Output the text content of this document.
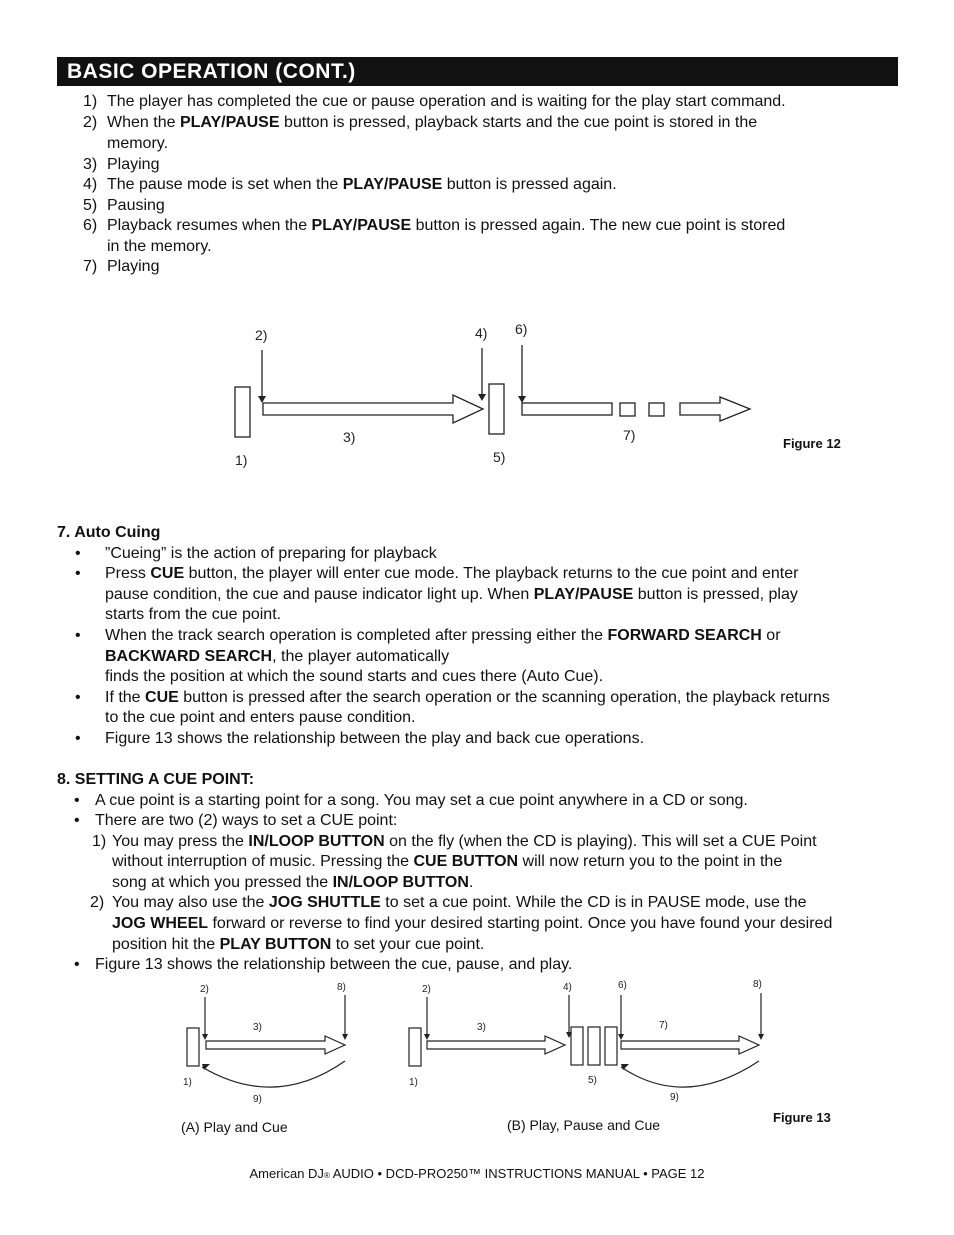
BASIC OPERATION (CONT.)
1) The player has completed the cue or pause operation and is waiting for the play start command.
2) When the PLAY/PAUSE button is pressed, playback starts and the cue point is stored in the
memory.
3) Playing
4) The pause mode is set when the PLAY/PAUSE button is pressed again.
5) Pausing
6) Playback resumes when the PLAY/PAUSE button is pressed again. The new cue point is stored
in the memory.
7) Playing
2)	4) 6)
3)	7)
1)	5)
Figure 12
7. Auto Cuing
• ”Cueing” is the action of preparing for playback
• Press CUE button, the player will enter cue mode. The playback returns to the cue point and enter
pause condition, the cue and pause indicator light up. When PLAY/PAUSE button is pressed, play
starts from the cue point.
• When the track search operation is completed after pressing either the FORWARD SEARCH or
BACKWARD SEARCH, the player automatically
finds the position at which the sound starts and cues there (Auto Cue).
• If the CUE button is pressed after the search operation or the scanning operation, the playback returns
to the cue point and enters pause condition.
• Figure 13 shows the relationship between the play and back cue operations.
8. SETTING A CUE POINT:
• A cue point is a starting point for a song. You may set a cue point anywhere in a CD or song.
• There are two (2) ways to set a CUE point:
1) You may press the IN/LOOP BUTTON on the fly (when the CD is playing). This will set a CUE Point
without interruption of music. Pressing the CUE BUTTON will now return you to the point in the
song at which you pressed the IN/LOOP BUTTON.
2) You may also use the JOG SHUTTLE to set a cue point. While the CD is in PAUSE mode, use the
JOG WHEEL forward or reverse to find your desired starting point. Once you have found your desired
position hit the PLAY BUTTON to set your cue point.
• Figure 13 shows the relationship between the cue, pause, and play.
2)	8)
3)
1)
9)
2)	4)	6)	8)
3)	7)
1)	5)
9)
(A) Play and Cue	(B) Play, Pause and Cue	Figure 13
American DJ® AUDIO • DCD-PRO250™ INSTRUCTIONS MANUAL • PAGE 12
